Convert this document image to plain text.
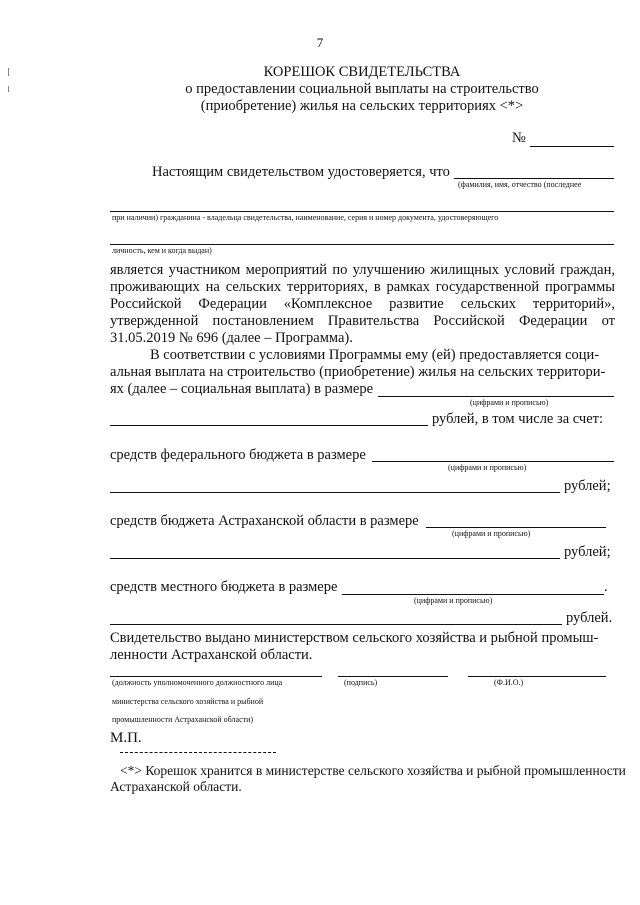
7
КОРЕШОК СВИДЕТЕЛЬСТВА
о предоставлении социальной выплаты на строительство
(приобретение) жилья на сельских территориях <*>
№
Настоящим свидетельством удостоверяется, что
(фамилия, имя, отчество (последнее
при наличии) гражданина - владельца свидетельства, наименование, серия и номер документа, удостоверяющего
личность, кем и когда выдан)
является участником мероприятий по улучшению жилищных условий граждан, проживающих на сельских территориях, в рамках государственной программы Российской Федерации «Комплексное развитие сельских территорий», утвержденной постановлением Правительства Российской Федерации от 31.05.2019 № 696 (далее – Программа).
В соответствии с условиями Программы ему (ей) предоставляется соци-
альная выплата на строительство (приобретение) жилья на сельских территори-
ях (далее – социальная выплата) в размере
(цифрами и прописью)
рублей, в том числе за счет:
средств федерального бюджета в размере
(цифрами и прописью)
рублей;
средств бюджета Астраханской области в размере
(цифрами и прописью)
рублей;
средств местного бюджета в размере	.
(цифрами и прописью)
рублей.
Свидетельство выдано министерством сельского хозяйства и рыбной промыш-
ленности Астраханской области.
(должность уполномоченного должностного лица	(подпись)	(Ф.И.О.)
министерства сельского хозяйства и рыбной
промышленности Астраханской области)
М.П.
<*> Корешок хранится в министерстве сельского хозяйства и рыбной промышленности
Астраханской области.
